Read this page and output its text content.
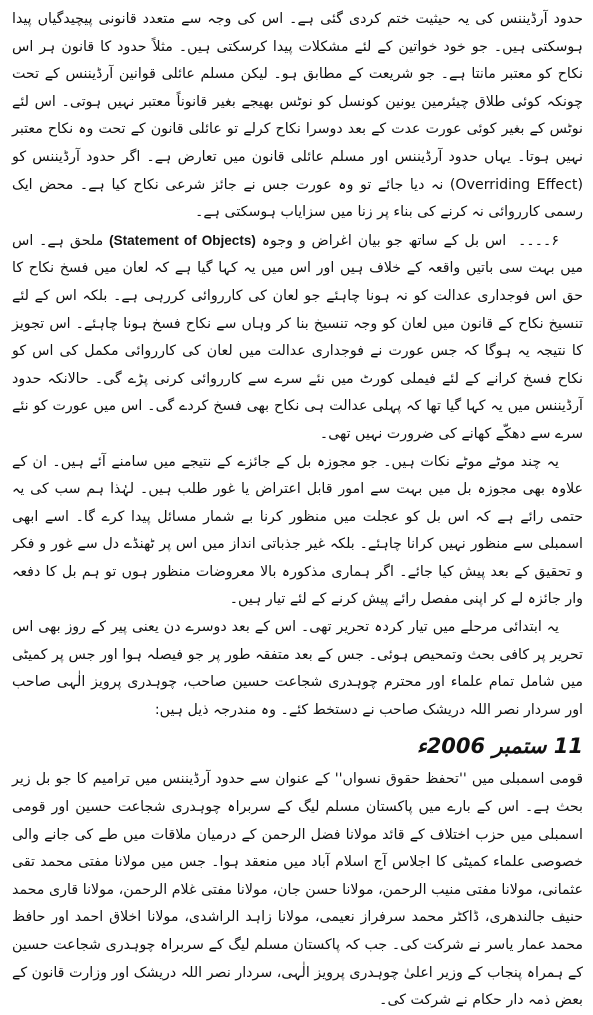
حدود آرڈیننس کی یہ حیثیت ختم کردی گئی ہے۔ اس کی وجہ سے متعدد قانونی پیچیدگیاں پیدا ہوسکتی ہیں۔ جو خود خواتین کے لئے مشکلات پیدا کرسکتی ہیں۔ مثلاً حدود کا قانون ہر اس نکاح کو معتبر مانتا ہے۔ جو شریعت کے مطابق ہو۔ لیکن مسلم عائلی قوانین آرڈیننس کے تحت چونکہ کوئی طلاق چیئرمین یونین کونسل کو نوٹس بھیجے بغیر قانوناً معتبر نہیں ہوتی۔ اس لئے نوٹس کے بغیر کوئی عورت عدت کے بعد دوسرا نکاح کرلے تو عائلی قانون کے تحت وہ نکاح معتبر نہیں ہوتا۔ یہاں حدود آرڈیننس اور مسلم عائلی قانون میں تعارض ہے۔ اگر حدود آرڈیننس کو (Overriding Effect) نہ دیا جائے تو وہ عورت جس نے جائز شرعی نکاح کیا ہے۔ محض ایک رسمی کارروائی نہ کرنے کی بناء پر زنا میں سزایاب ہوسکتی ہے۔

۶۔۔۔۔ اس بل کے ساتھ جو بیان اغراض و وجوہ (Statement of Objects) ملحق ہے۔ اس میں بہت سی باتیں واقعہ کے خلاف ہیں اور اس میں یہ کہا گیا ہے کہ لعان میں فسخ نکاح کا حق اس فوجداری عدالت کو نہ ہونا چاہئے جو لعان کی کارروائی کررہی ہے۔ بلکہ اس کے لئے تنسیخ نکاح کے قانون میں لعان کو وجہ تنسیخ بنا کر وہاں سے نکاح فسخ ہونا چاہئے۔ اس تجویز کا نتیجہ یہ ہوگا کہ جس عورت نے فوجداری عدالت میں لعان کی کارروائی مکمل کی اس کو نکاح فسخ کرانے کے لئے فیملی کورٹ میں نئے سرے سے کارروائی کرنی پڑے گی۔ حالانکہ حدود آرڈیننس میں یہ کہا گیا تھا کہ پہلی عدالت ہی نکاح بھی فسخ کردے گی۔ اس میں عورت کو نئے سرے سے دھکّے کھانے کی ضرورت نہیں تھی۔

یہ چند موٹے موٹے نکات ہیں۔ جو مجوزہ بل کے جائزے کے نتیجے میں سامنے آئے ہیں۔ ان کے علاوہ بھی مجوزہ بل میں بہت سے امور قابل اعتراض یا غور طلب ہیں۔ لہٰذا ہم سب کی یہ حتمی رائے ہے کہ اس بل کو عجلت میں منظور کرنا بے شمار مسائل پیدا کرے گا۔ اسے ابھی اسمبلی سے منظور نہیں کرانا چاہئے۔ بلکہ غیر جذباتی انداز میں اس پر ٹھنڈے دل سے غور و فکر و تحقیق کے بعد پیش کیا جائے۔ اگر ہماری مذکورہ بالا معروضات منظور ہوں تو ہم بل کا دفعہ وار جائزہ لے کر اپنی مفصل رائے پیش کرنے کے لئے تیار ہیں۔

یہ ابتدائی مرحلے میں تیار کردہ تحریر تھی۔ اس کے بعد دوسرے دن یعنی پیر کے روز بھی اس تحریر پر کافی بحث وتمحیص ہوئی۔ جس کے بعد متفقہ طور پر جو فیصلہ ہوا اور جس پر کمیٹی میں شامل تمام علماء اور محترم چوہدری شجاعت حسین صاحب، چوہدری پرویز الٰہی صاحب اور سردار نصر اللہ دریشک صاحب نے دستخط کئے۔ وہ مندرجہ ذیل ہیں:

11 ستمبر 2006ء

قومی اسمبلی میں ''تحفظ حقوق نسواں'' کے عنوان سے حدود آرڈیننس میں ترامیم کا جو بل زیر بحث ہے۔ اس کے بارے میں پاکستان مسلم لیگ کے سربراہ چوہدری شجاعت حسین اور قومی اسمبلی میں حزب اختلاف کے قائد مولانا فضل الرحمن کے درمیان ملاقات میں طے کی جانے والی خصوصی علماء کمیٹی کا اجلاس آج اسلام آباد میں منعقد ہوا۔ جس میں مولانا مفتی محمد تقی عثمانی، مولانا مفتی منیب الرحمن، مولانا حسن جان، مولانا مفتی غلام الرحمن، مولانا قاری محمد حنیف جالندھری، ڈاکٹر محمد سرفراز نعیمی، مولانا زاہد الراشدی، مولانا اخلاق احمد اور حافظ محمد عمار یاسر نے شرکت کی۔ جب کہ پاکستان مسلم لیگ کے سربراہ چوہدری شجاعت حسین کے ہمراہ پنجاب کے وزیر اعلیٰ چوہدری پرویز الٰہی، سردار نصر اللہ دریشک اور وزارت قانون کے بعض ذمہ دار حکام نے شرکت کی۔
